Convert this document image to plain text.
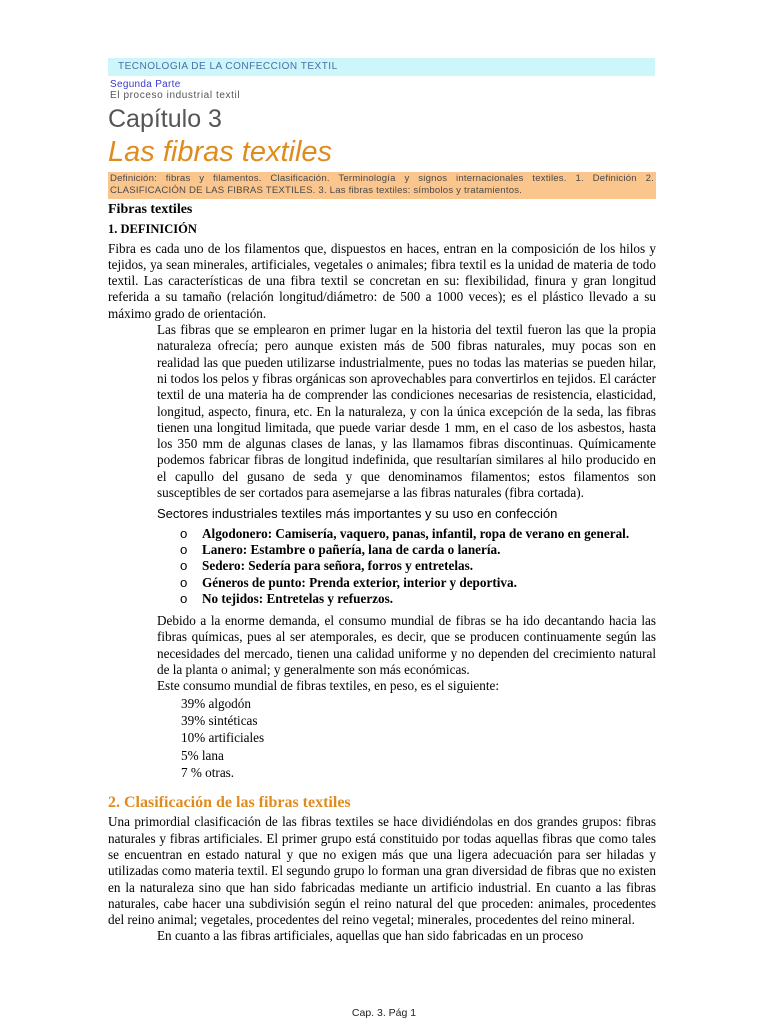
TECNOLOGIA DE LA CONFECCION TEXTIL
Segunda Parte
El proceso industrial textil
Capítulo 3
Las fibras textiles
Definición: fibras y filamentos. Clasificación. Terminología y signos internacionales textiles. 1. Definición 2. CLASIFICACIÓN DE LAS FIBRAS TEXTILES. 3. Las fibras textiles: símbolos y tratamientos.
Fibras textiles
1. DEFINICIÓN

Fibra es cada uno de los filamentos que, dispuestos en haces, entran en la composición de los hilos y tejidos, ya sean minerales, artificiales, vegetales o animales; fibra textil es la unidad de materia de todo textil. Las características de una fibra textil se concretan en su: flexibilidad, finura y gran longitud referida a su tamaño (relación longitud/diámetro: de 500 a 1000 veces); es el plástico llevado a su máximo grado de orientación.

Las fibras que se emplearon en primer lugar en la historia del textil fueron las que la propia naturaleza ofrecía; pero aunque existen más de 500 fibras naturales, muy pocas son en realidad las que pueden utilizarse industrialmente, pues no todas las materias se pueden hilar, ni todos los pelos y fibras orgánicas son aprovechables para convertirlos en tejidos. El carácter textil de una materia ha de comprender las condiciones necesarias de resistencia, elasticidad, longitud, aspecto, finura, etc. En la naturaleza, y con la única excepción de la seda, las fibras tienen una longitud limitada, que puede variar desde 1 mm, en el caso de los asbestos, hasta los 350 mm de algunas clases de lanas, y las llamamos fibras discontinuas. Químicamente podemos fabricar fibras de longitud indefinida, que resultarían similares al hilo producido en el capullo del gusano de seda y que denominamos filamentos; estos filamentos son susceptibles de ser cortados para asemejarse a las fibras naturales (fibra cortada).

Sectores industriales textiles más importantes y su uso en confección
o Algodonero: Camisería, vaquero, panas, infantil, ropa de verano en general.
o Lanero: Estambre o pañería, lana de carda o lanería.
o Sedero: Sedería para señora, forros y entretelas.
o Géneros de punto: Prenda exterior, interior y deportiva.
o No tejidos: Entretelas y refuerzos.

Debido a la enorme demanda, el consumo mundial de fibras se ha ido decantando hacia las fibras químicas, pues al ser atemporales, es decir, que se producen continuamente según las necesidades del mercado, tienen una calidad uniforme y no dependen del crecimiento natural de la planta o animal; y generalmente son más económicas.

Este consumo mundial de fibras textiles, en peso, es el siguiente:

39% algodón
39% sintéticas
10% artificiales
5% lana
7 % otras.
2. Clasificación de las fibras textiles

Una primordial clasificación de las fibras textiles se hace dividiéndolas en dos grandes grupos: fibras naturales y fibras artificiales. El primer grupo está constituido por todas aquellas fibras que como tales se encuentran en estado natural y que no exigen más que una ligera adecuación para ser hiladas y utilizadas como materia textil. El segundo grupo lo forman una gran diversidad de fibras que no existen en la naturaleza sino que han sido fabricadas mediante un artificio industrial. En cuanto a las fibras naturales, cabe hacer una subdivisión según el reino natural del que proceden: animales, procedentes del reino animal; vegetales, procedentes del reino vegetal; minerales, procedentes del reino mineral.

En cuanto a las fibras artificiales, aquellas que han sido fabricadas en un proceso

Cap. 3. Pág 1
